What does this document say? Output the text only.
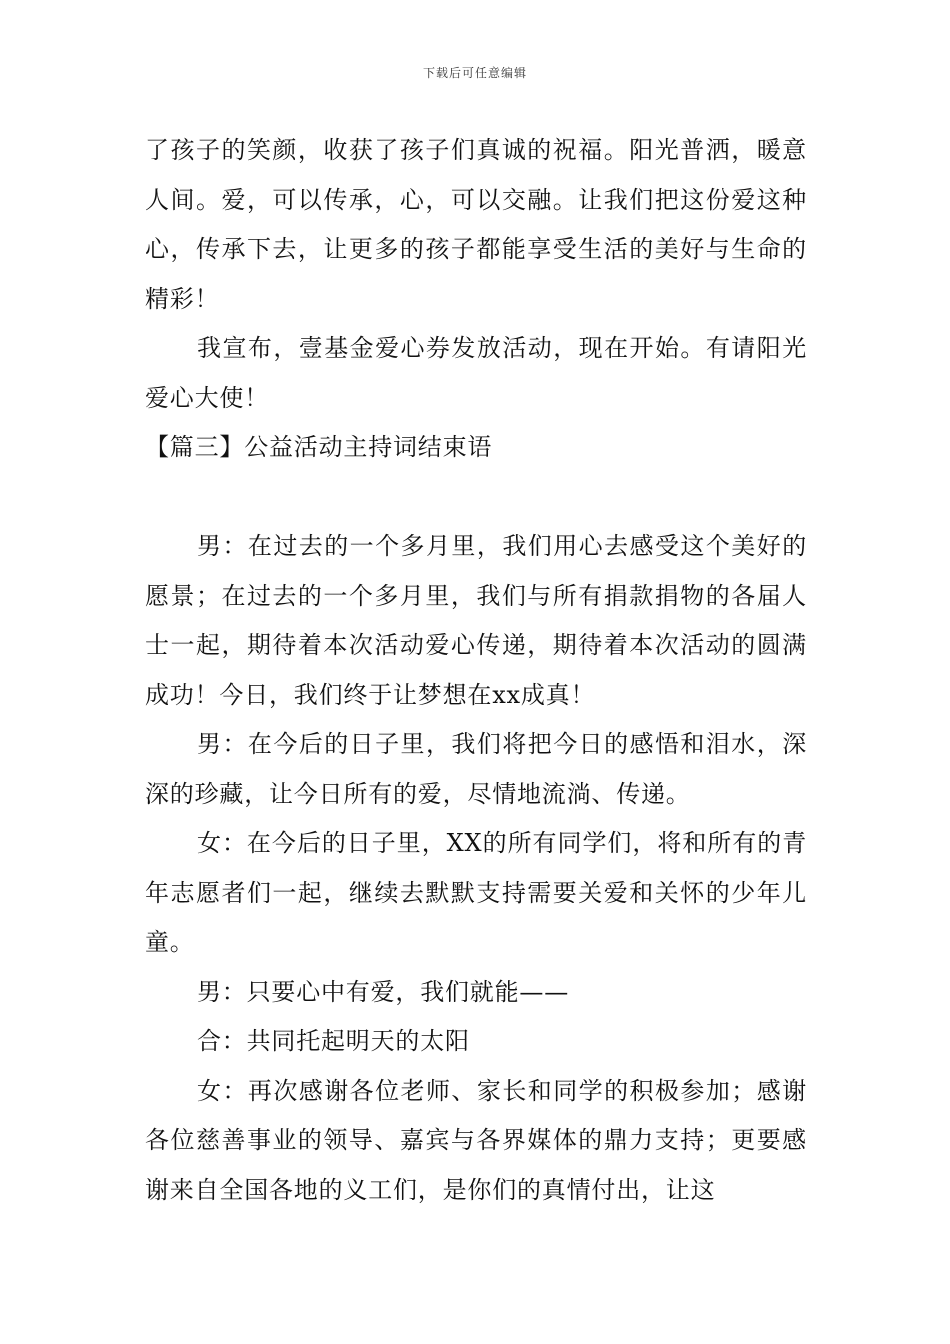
下载后可任意编辑

了孩子的笑颜，收获了孩子们真诚的祝福。阳光普洒，暖意人间。爱，可以传承，心，可以交融。让我们把这份爱这种心，传承下去，让更多的孩子都能享受生活的美好与生命的精彩！

我宣布，壹基金爱心券发放活动，现在开始。有请阳光爱心大使！

【篇三】公益活动主持词结束语

男：在过去的一个多月里，我们用心去感受这个美好的愿景；在过去的一个多月里，我们与所有捐款捐物的各届人士一起，期待着本次活动爱心传递，期待着本次活动的圆满成功！今日，我们终于让梦想在xx成真！

男：在今后的日子里，我们将把今日的感悟和泪水，深深的珍藏，让今日所有的爱，尽情地流淌、传递。

女：在今后的日子里，XX的所有同学们，将和所有的青年志愿者们一起，继续去默默支持需要关爱和关怀的少年儿童。

男：只要心中有爱，我们就能——

合：共同托起明天的太阳

女：再次感谢各位老师、家长和同学的积极参加；感谢各位慈善事业的领导、嘉宾与各界媒体的鼎力支持；更要感谢来自全国各地的义工们，是你们的真情付出，让这
